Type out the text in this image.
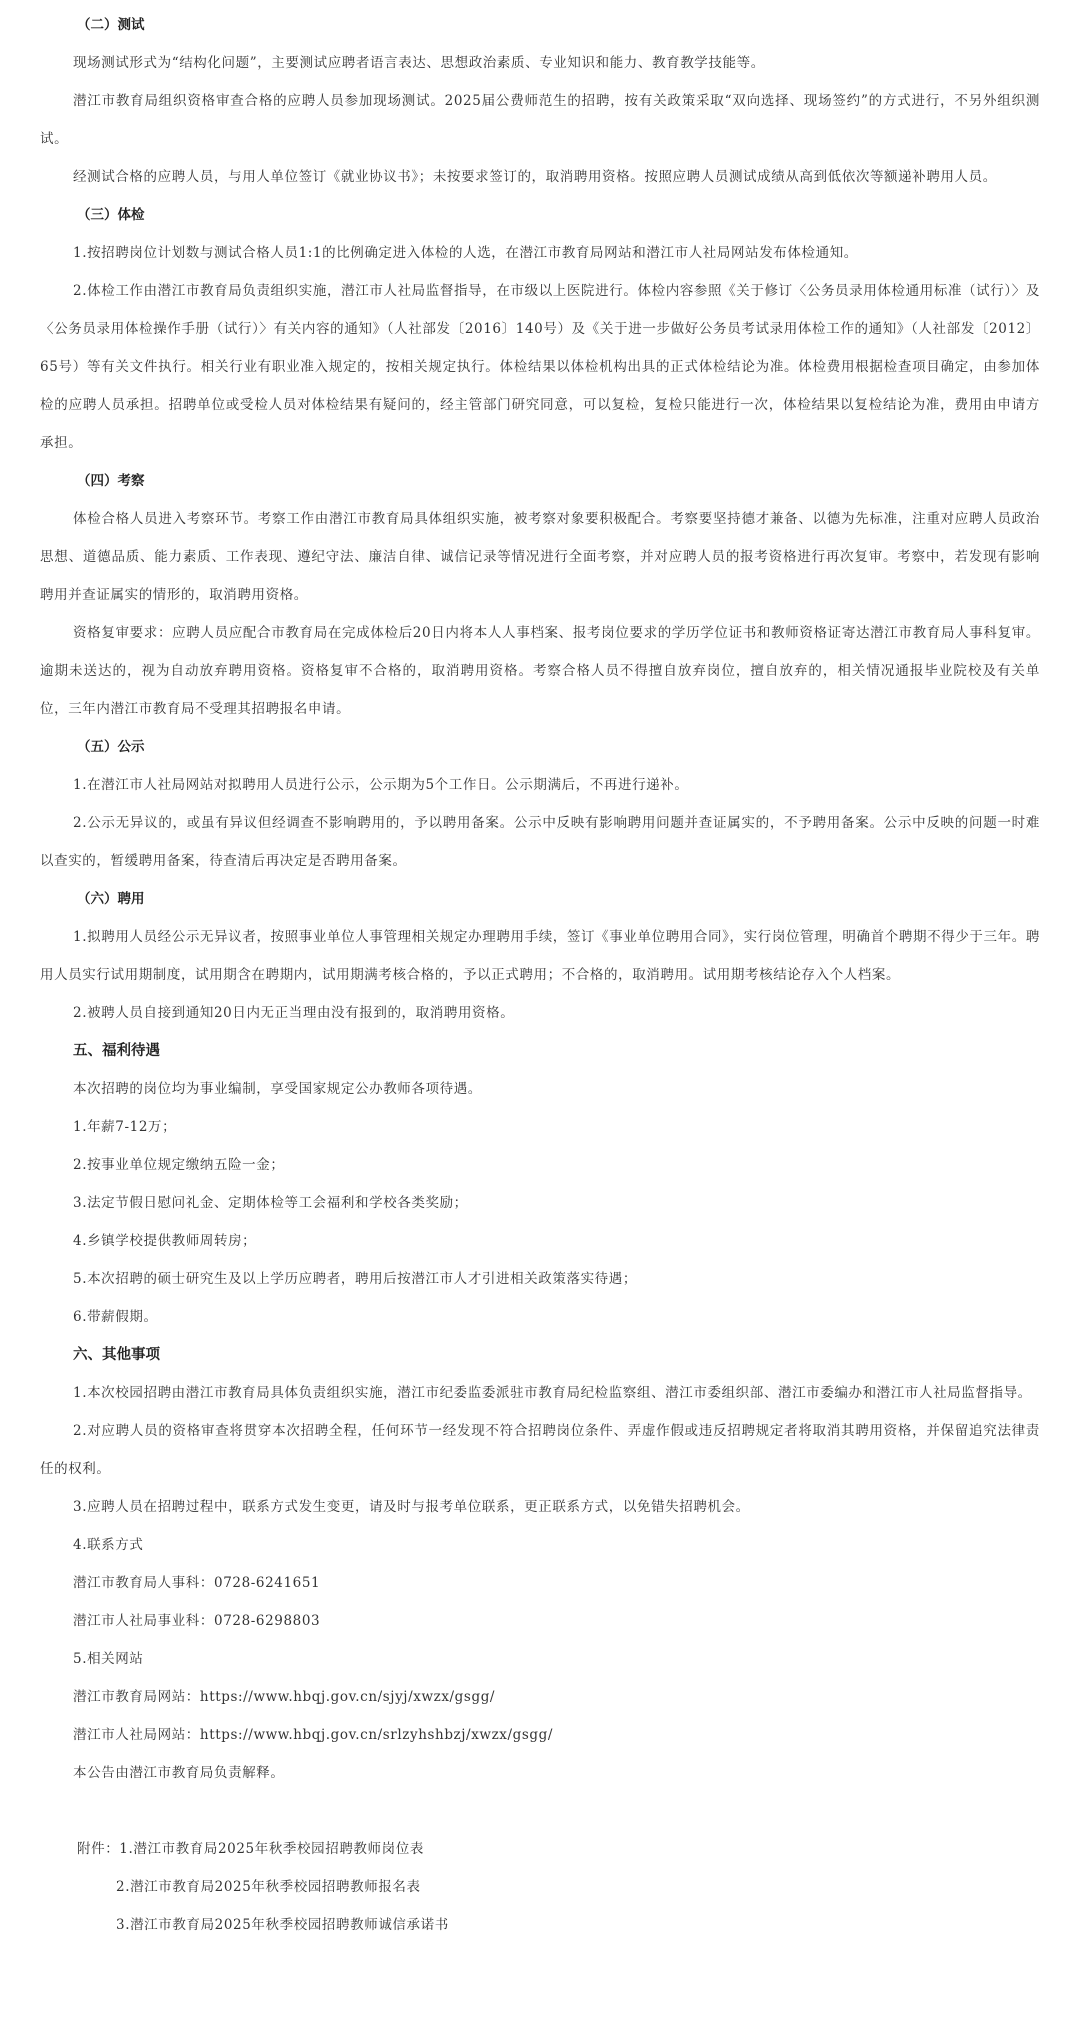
（二）测试

现场测试形式为“结构化问题”，主要测试应聘者语言表达、思想政治素质、专业知识和能力、教育教学技能等。

潜江市教育局组织资格审查合格的应聘人员参加现场测试。2025届公费师范生的招聘，按有关政策采取“双向选择、现场签约”的方式进行，不另外组织测试。

经测试合格的应聘人员，与用人单位签订《就业协议书》；未按要求签订的，取消聘用资格。按照应聘人员测试成绩从高到低依次等额递补聘用人员。

（三）体检

1.按招聘岗位计划数与测试合格人员1:1的比例确定进入体检的人选，在潜江市教育局网站和潜江市人社局网站发布体检通知。

2.体检工作由潜江市教育局负责组织实施，潜江市人社局监督指导，在市级以上医院进行。体检内容参照《关于修订〈公务员录用体检通用标准（试行）〉及〈公务员录用体检操作手册（试行）〉有关内容的通知》（人社部发〔2016〕140号）及《关于进一步做好公务员考试录用体检工作的通知》（人社部发〔2012〕65号）等有关文件执行。相关行业有职业准入规定的，按相关规定执行。体检结果以体检机构出具的正式体检结论为准。体检费用根据检查项目确定，由参加体检的应聘人员承担。招聘单位或受检人员对体检结果有疑问的，经主管部门研究同意，可以复检，复检只能进行一次，体检结果以复检结论为准，费用由申请方承担。

（四）考察

体检合格人员进入考察环节。考察工作由潜江市教育局具体组织实施，被考察对象要积极配合。考察要坚持德才兼备、以德为先标准，注重对应聘人员政治思想、道德品质、能力素质、工作表现、遵纪守法、廉洁自律、诚信记录等情况进行全面考察，并对应聘人员的报考资格进行再次复审。考察中，若发现有影响聘用并查证属实的情形的，取消聘用资格。

资格复审要求：应聘人员应配合市教育局在完成体检后20日内将本人人事档案、报考岗位要求的学历学位证书和教师资格证寄达潜江市教育局人事科复审。逾期未送达的，视为自动放弃聘用资格。资格复审不合格的，取消聘用资格。考察合格人员不得擅自放弃岗位，擅自放弃的，相关情况通报毕业院校及有关单位，三年内潜江市教育局不受理其招聘报名申请。

（五）公示

1.在潜江市人社局网站对拟聘用人员进行公示，公示期为5个工作日。公示期满后，不再进行递补。

2.公示无异议的，或虽有异议但经调查不影响聘用的，予以聘用备案。公示中反映有影响聘用问题并查证属实的，不予聘用备案。公示中反映的问题一时难以查实的，暂缓聘用备案，待查清后再决定是否聘用备案。

（六）聘用

1.拟聘用人员经公示无异议者，按照事业单位人事管理相关规定办理聘用手续，签订《事业单位聘用合同》，实行岗位管理，明确首个聘期不得少于三年。聘用人员实行试用期制度，试用期含在聘期内，试用期满考核合格的，予以正式聘用；不合格的，取消聘用。试用期考核结论存入个人档案。

2.被聘人员自接到通知20日内无正当理由没有报到的，取消聘用资格。

五、福利待遇

本次招聘的岗位均为事业编制，享受国家规定公办教师各项待遇。

1.年薪7-12万；

2.按事业单位规定缴纳五险一金；

3.法定节假日慰问礼金、定期体检等工会福利和学校各类奖励；

4.乡镇学校提供教师周转房；

5.本次招聘的硕士研究生及以上学历应聘者，聘用后按潜江市人才引进相关政策落实待遇；

6.带薪假期。

六、其他事项

1.本次校园招聘由潜江市教育局具体负责组织实施，潜江市纪委监委派驻市教育局纪检监察组、潜江市委组织部、潜江市委编办和潜江市人社局监督指导。

2.对应聘人员的资格审查将贯穿本次招聘全程，任何环节一经发现不符合招聘岗位条件、弄虚作假或违反招聘规定者将取消其聘用资格，并保留追究法律责任的权利。

3.应聘人员在招聘过程中，联系方式发生变更，请及时与报考单位联系，更正联系方式，以免错失招聘机会。

4.联系方式

潜江市教育局人事科：0728-6241651

潜江市人社局事业科：0728-6298803

5.相关网站

潜江市教育局网站：https://www.hbqj.gov.cn/sjyj/xwzx/gsgg/

潜江市人社局网站：https://www.hbqj.gov.cn/srlzyhshbzj/xwzx/gsgg/

本公告由潜江市教育局负责解释。

附件：1.潜江市教育局2025年秋季校园招聘教师岗位表

2.潜江市教育局2025年秋季校园招聘教师报名表

3.潜江市教育局2025年秋季校园招聘教师诚信承诺书
